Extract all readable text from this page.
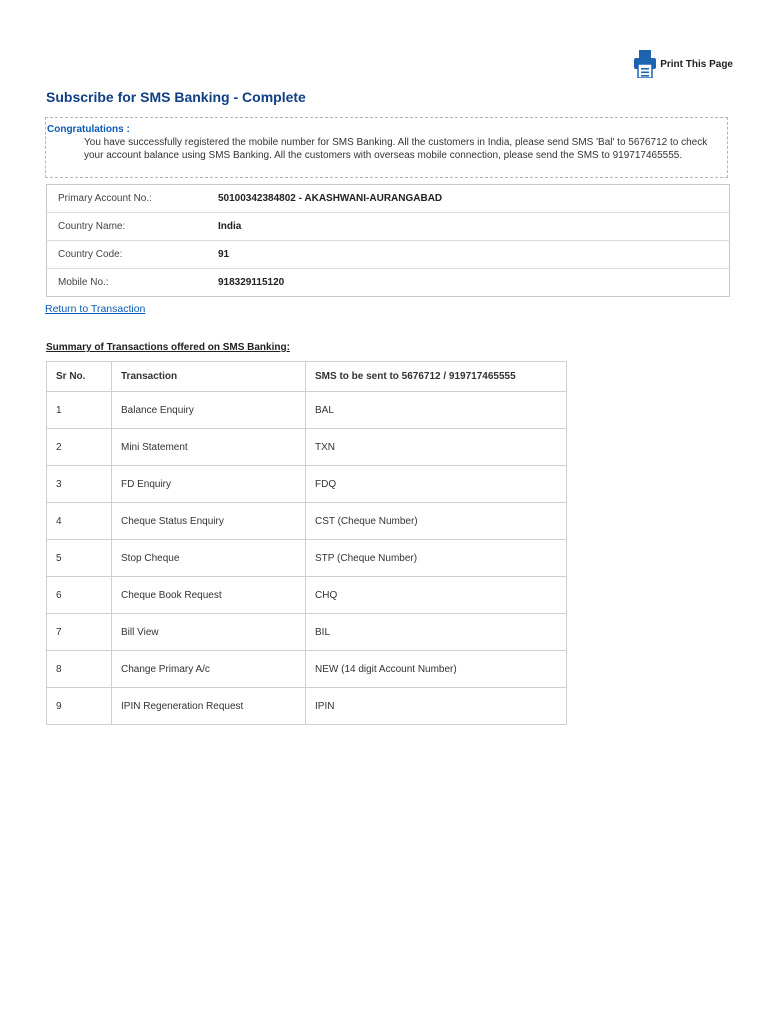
Print This Page
Subscribe for SMS Banking - Complete
Congratulations :
You have successfully registered the mobile number for SMS Banking. All the customers in India, please send SMS 'Bal' to 5676712 to check your account balance using SMS Banking. All the customers with overseas mobile connection, please send the SMS to 919717465555.
Primary Account No.:	50100342384802 - AKASHWANI-AURANGABAD
Country Name:	India
Country Code:	91
Mobile No.:	918329115120
Return to Transaction
Summary of Transactions offered on SMS Banking:
Sr No.	Transaction	SMS to be sent to 5676712 / 919717465555
1	Balance Enquiry	BAL
2	Mini Statement	TXN
3	FD Enquiry	FDQ
4	Cheque Status Enquiry	CST (Cheque Number)
5	Stop Cheque	STP (Cheque Number)
6	Cheque Book Request	CHQ
7	Bill View	BIL
8	Change Primary A/c	NEW (14 digit Account Number)
9	IPIN Regeneration Request	IPIN
